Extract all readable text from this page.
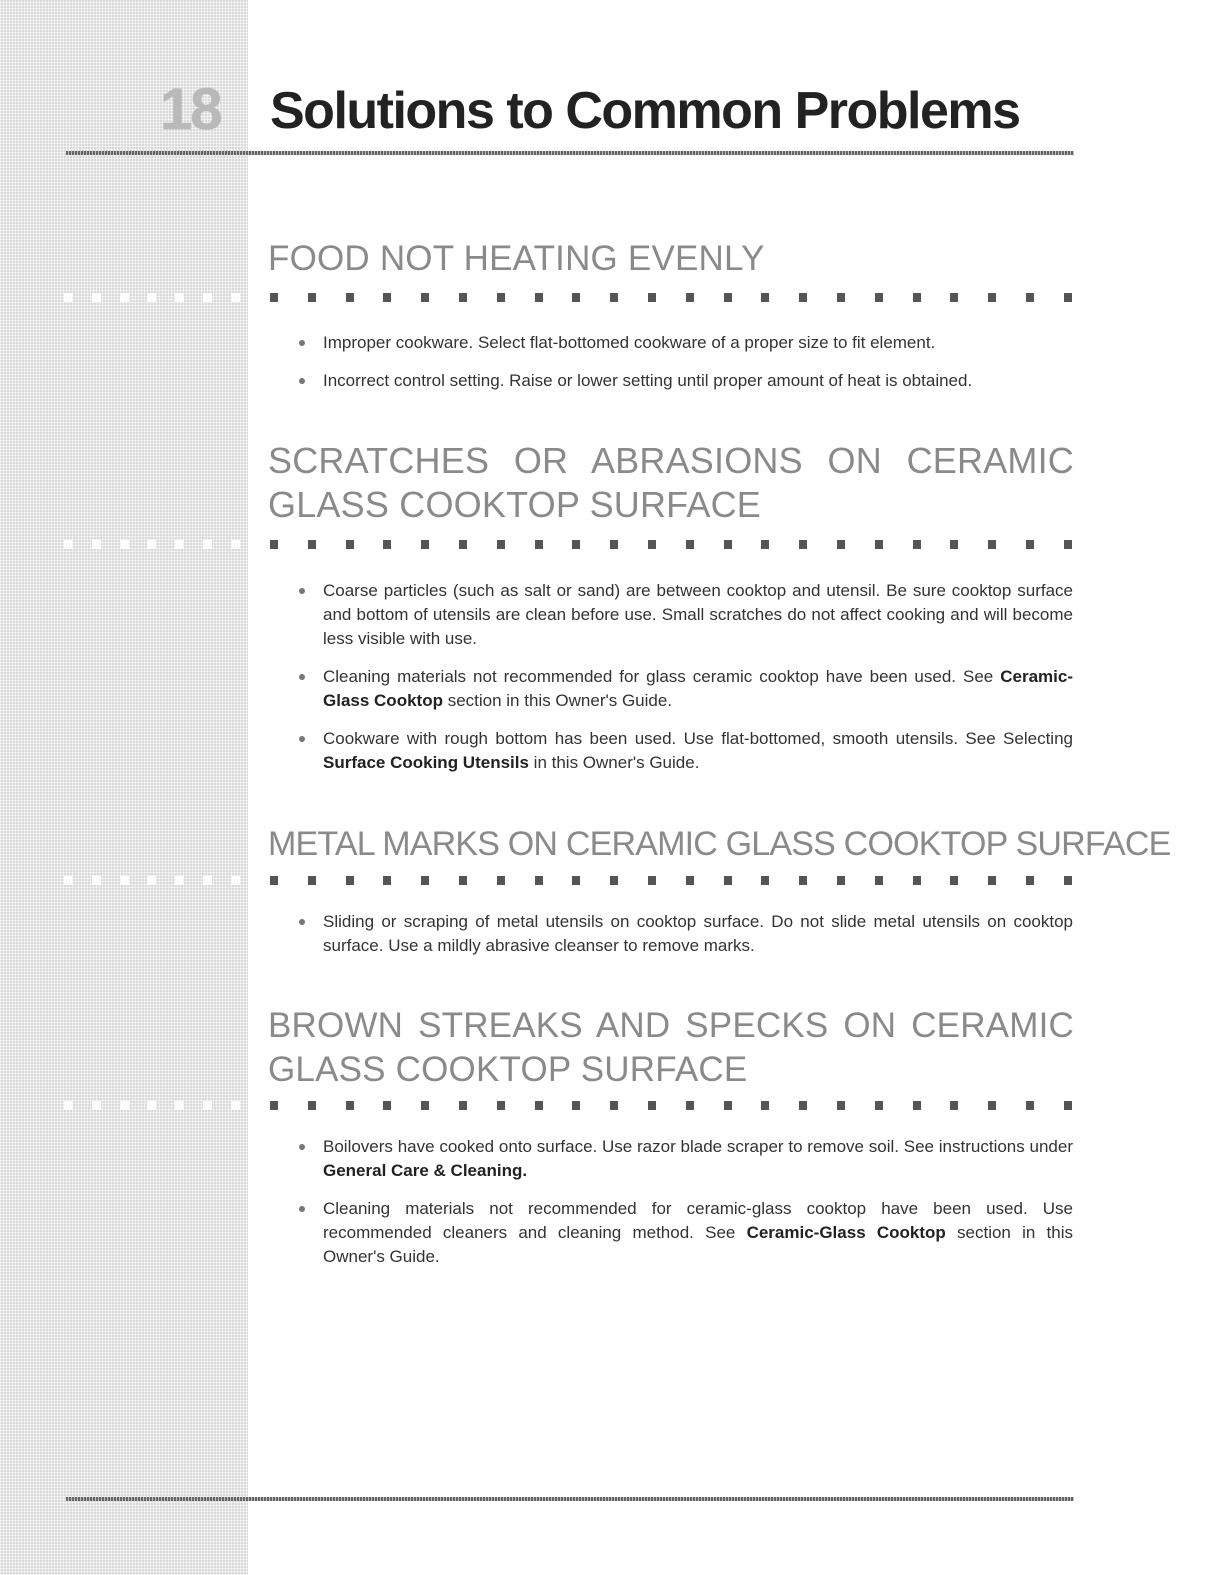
18 Solutions to Common Problems
FOOD NOT HEATING EVENLY
Improper cookware. Select flat-bottomed cookware of a proper size to fit element.
Incorrect control setting. Raise or lower setting until proper amount of heat is obtained.
SCRATCHES OR ABRASIONS ON CERAMIC GLASS COOKTOP SURFACE
Coarse particles (such as salt or sand) are between cooktop and utensil. Be sure cooktop surface and bottom of utensils are clean before use. Small scratches do not affect cooking and will become less visible with use.
Cleaning materials not recommended for glass ceramic cooktop have been used. See Ceramic-Glass Cooktop section in this Owner's Guide.
Cookware with rough bottom has been used. Use flat-bottomed, smooth utensils. See Selecting Surface Cooking Utensils in this Owner's Guide.
METAL MARKS ON CERAMIC GLASS COOKTOP SURFACE
Sliding or scraping of metal utensils on cooktop surface. Do not slide metal utensils on cooktop surface. Use a mildly abrasive cleanser to remove marks.
BROWN STREAKS AND SPECKS ON CERAMIC GLASS COOKTOP SURFACE
Boilovers have cooked onto surface. Use razor blade scraper to remove soil. See instructions under General Care & Cleaning.
Cleaning materials not recommended for ceramic-glass cooktop have been used. Use recommended cleaners and cleaning method. See Ceramic-Glass Cooktop section in this Owner's Guide.
